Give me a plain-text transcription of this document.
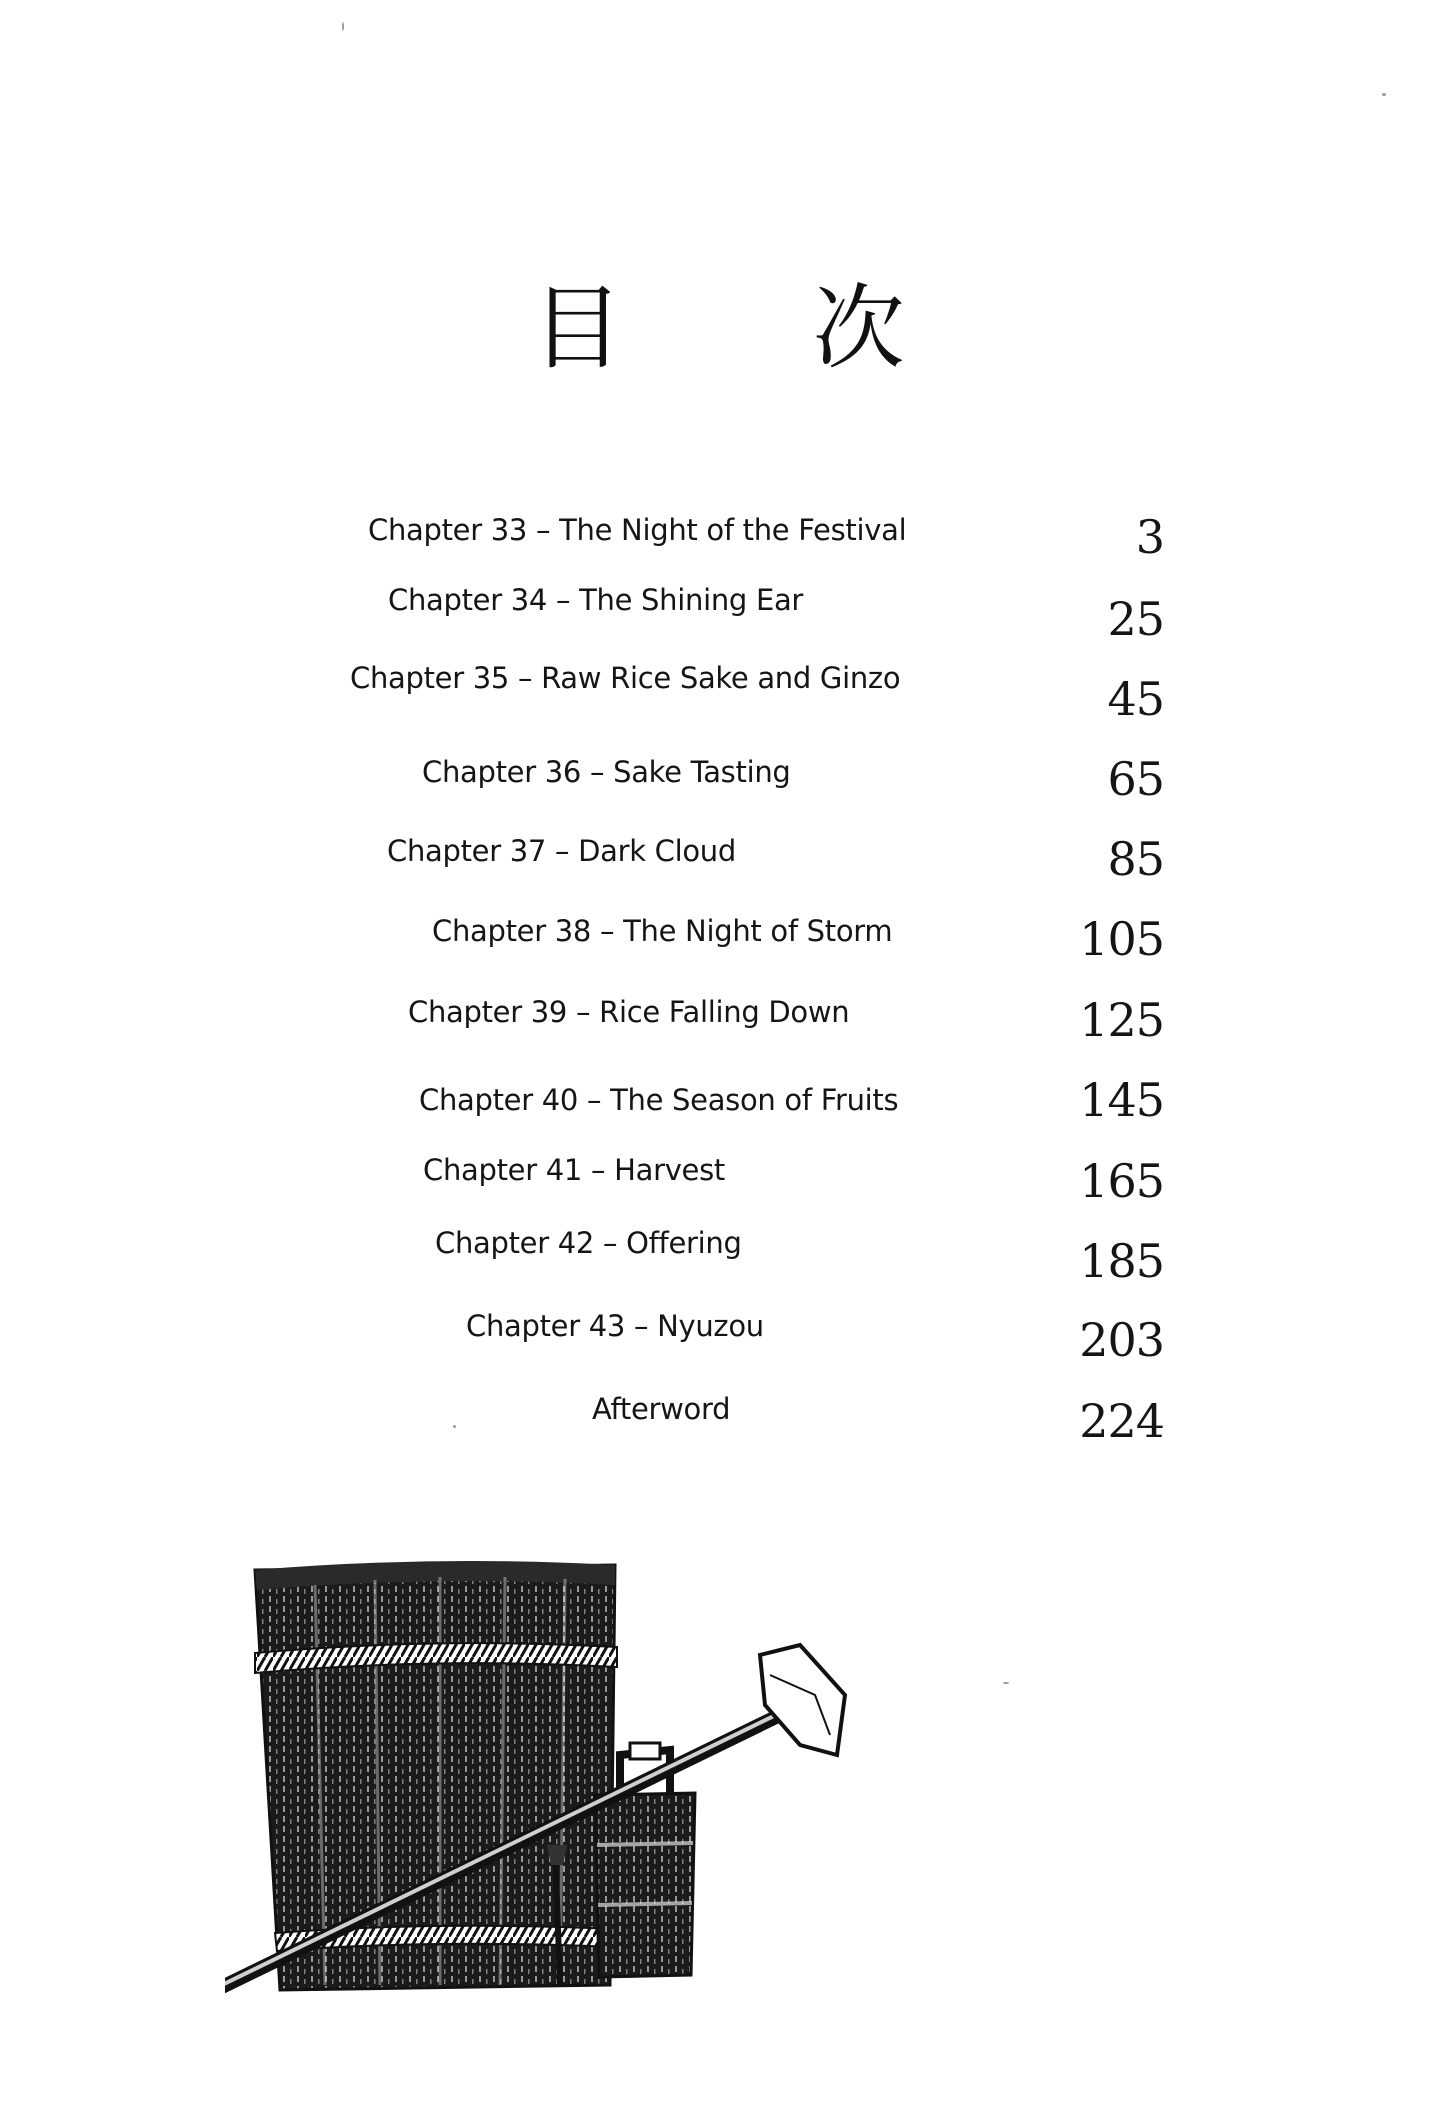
目 次
Chapter 33 – The Night of the Festival	3
Chapter 34 – The Shining Ear	25
Chapter 35 – Raw Rice Sake and Ginzo	45
Chapter 36 – Sake Tasting	65
Chapter 37 – Dark Cloud	85
Chapter 38 – The Night of Storm	105
Chapter 39 – Rice Falling Down	125
Chapter 40 – The Season of Fruits	145
Chapter 41 – Harvest	165
Chapter 42 – Offering	185
Chapter 43 – Nyuzou	203
Afterword	224
